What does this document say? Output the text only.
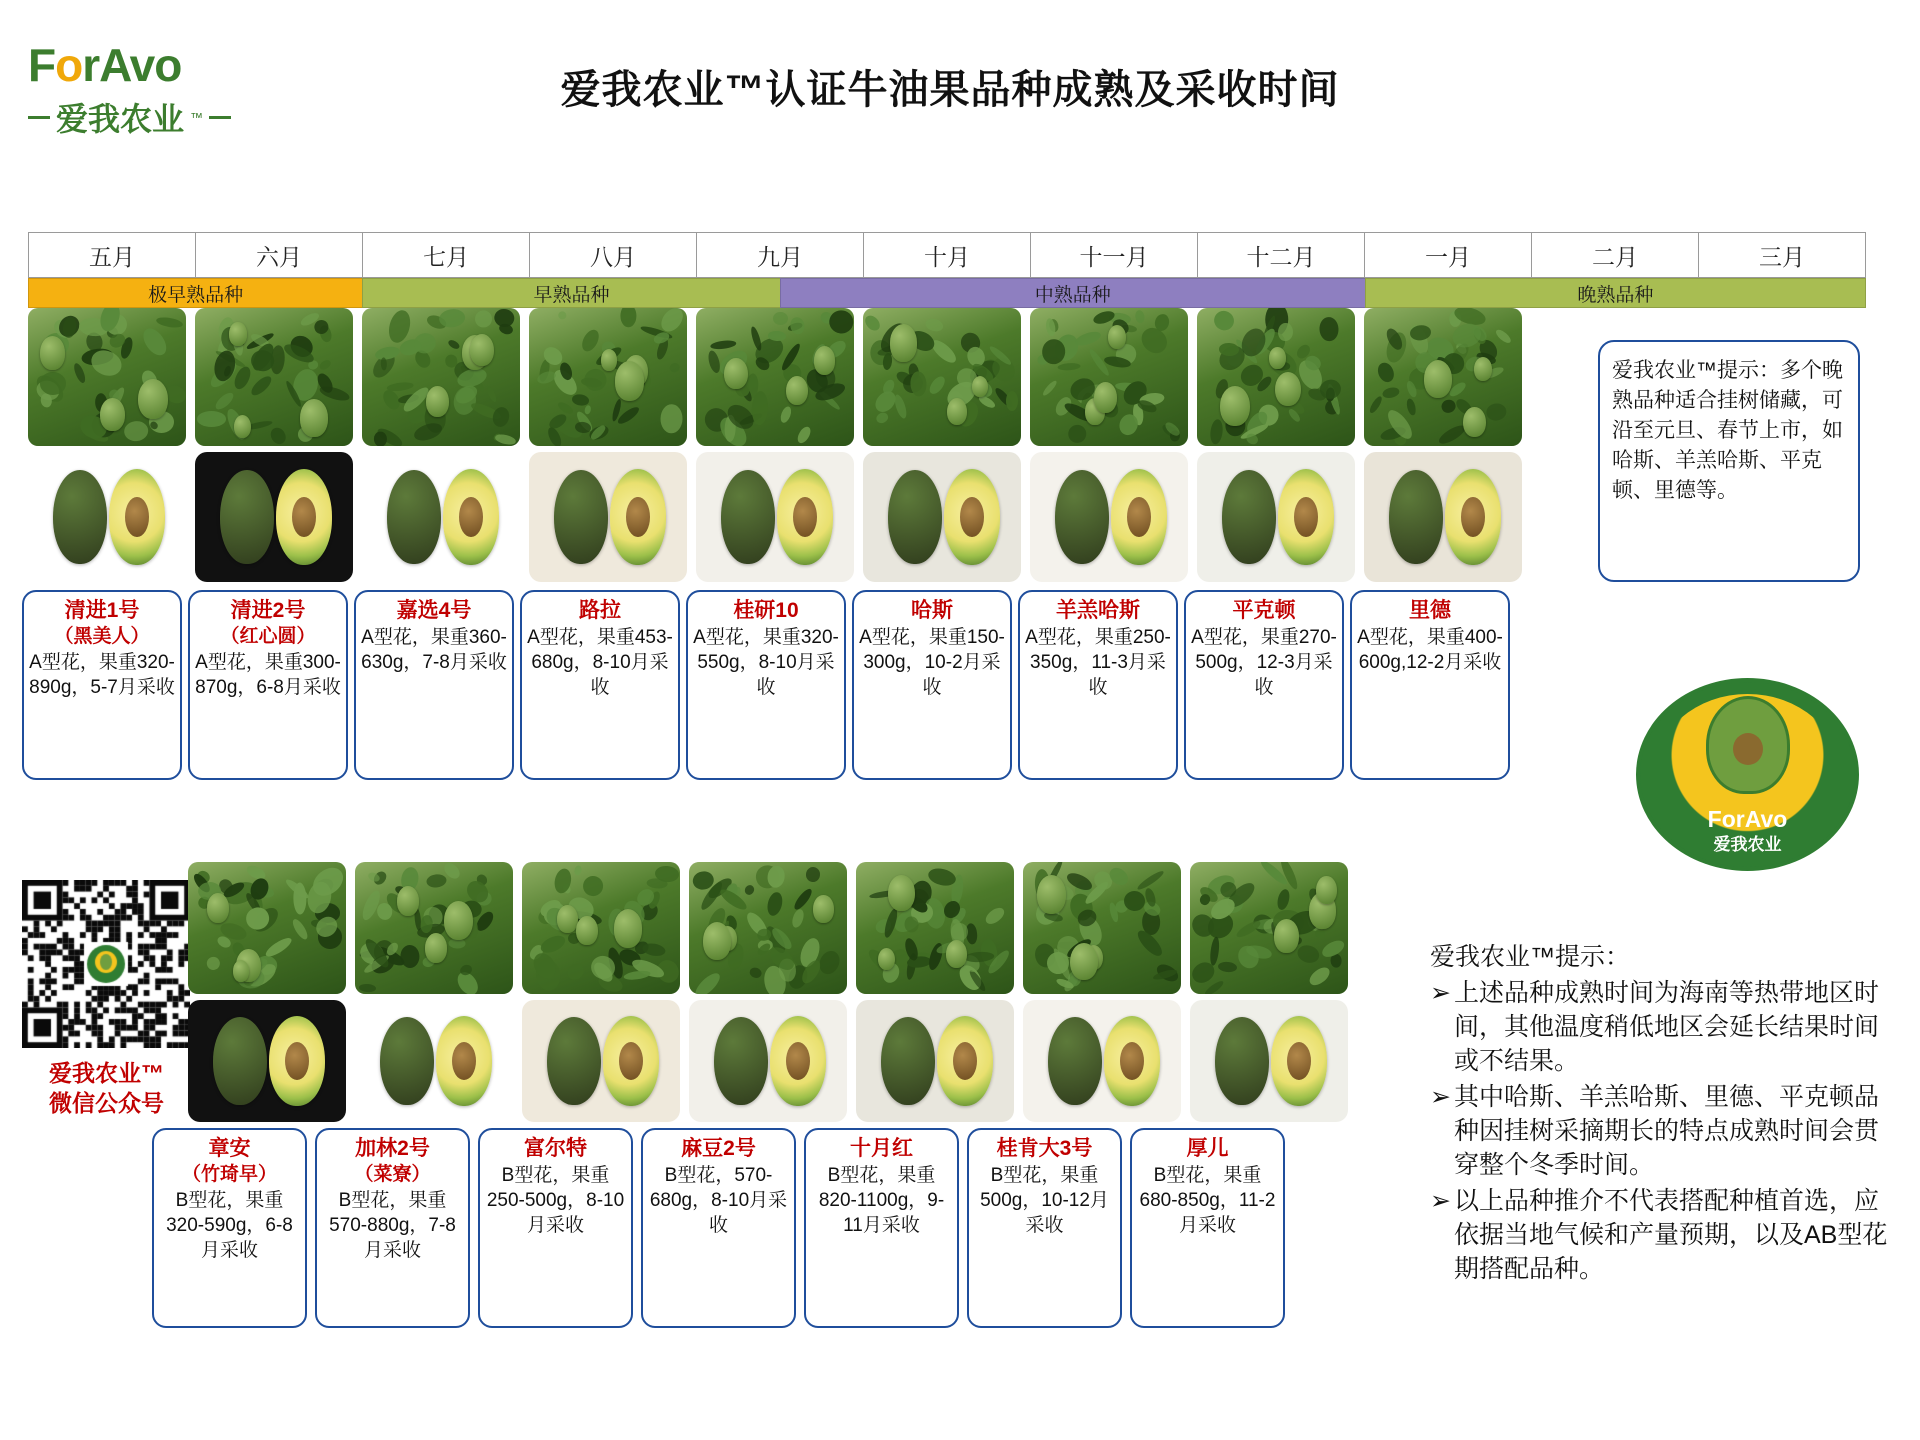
ForAvo
爱我农业 ™
爱我农业™认证牛油果品种成熟及采收时间
五月	六月	七月	八月	九月	十月	十一月	十二月	一月	二月	三月
极早熟品种	早熟品种	中熟品种	晚熟品种
清进1号
（黑美人）
A型花，果重320-890g，5-7月采收
清进2号
（红心圆）
A型花，果重300-870g，6-8月采收
嘉选4号
A型花，果重360-630g，7-8月采收
路拉
A型花，果重453-680g，8-10月采收
桂研10
A型花，果重320-550g，8-10月采收
哈斯
A型花，果重150-300g，10-2月采收
羊羔哈斯
A型花，果重250-350g，11-3月采收
平克顿
A型花，果重270-500g，12-3月采收
里德
A型花，果重400-600g,12-2月采收
爱我农业™提示：多个晚熟品种适合挂树储藏，可沿至元旦、春节上市，如哈斯、羊羔哈斯、平克顿、里德等。
ForAvo
爱我农业
爱我农业™
微信公众号
章安
（竹琦早）
B型花，果重320-590g，6-8月采收
加林2号
（菜寮）
B型花，果重570-880g，7-8月采收
富尔特
B型花，果重250-500g，8-10月采收
麻豆2号
B型花，570-680g，8-10月采收
十月红
B型花，果重820-1100g，9-11月采收
桂肯大3号
B型花，果重500g，10-12月采收
厚儿
B型花，果重680-850g，11-2月采收
爱我农业™提示：
➢ 上述品种成熟时间为海南等热带地区时间，其他温度稍低地区会延长结果时间或不结果。
➢ 其中哈斯、羊羔哈斯、里德、平克顿品种因挂树采摘期长的特点成熟时间会贯穿整个冬季时间。
➢ 以上品种推介不代表搭配种植首选，应依据当地气候和产量预期，以及AB型花期搭配品种。
